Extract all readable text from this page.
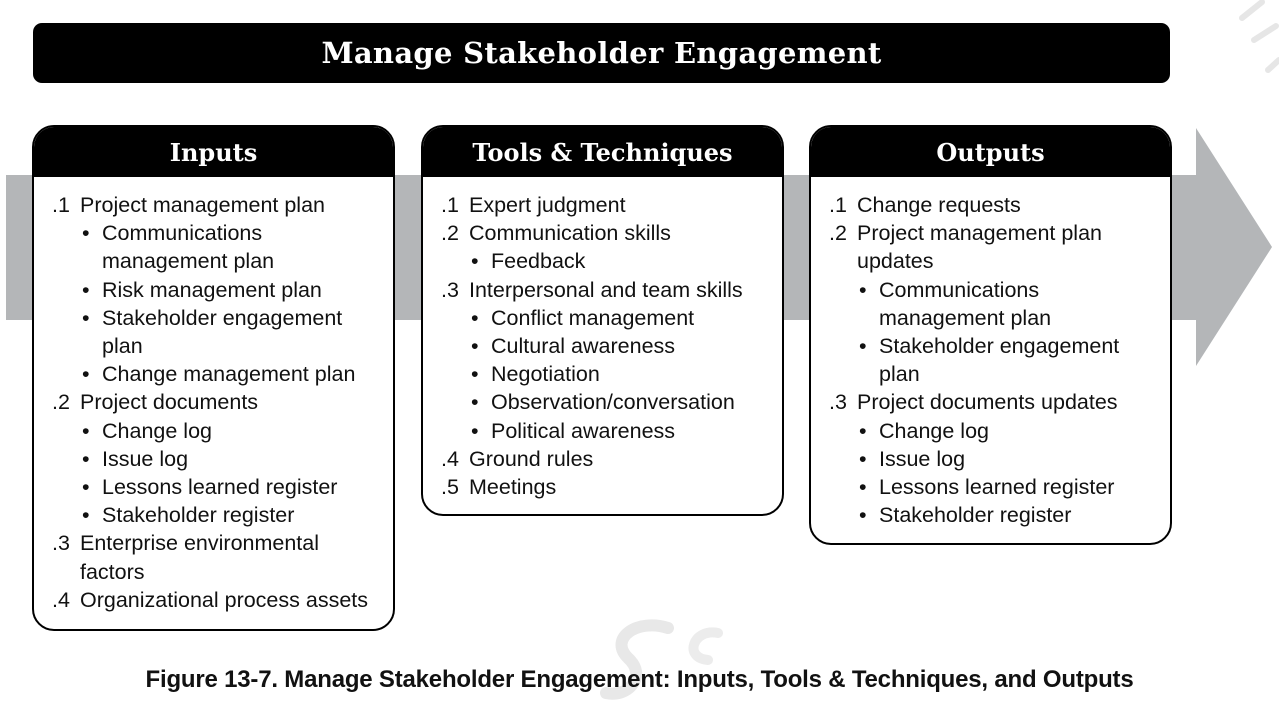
Manage Stakeholder Engagement
Inputs
.1 Project management plan
• Communications management plan
• Risk management plan
• Stakeholder engagement plan
• Change management plan
.2 Project documents
• Change log
• Issue log
• Lessons learned register
• Stakeholder register
.3 Enterprise environmental factors
.4 Organizational process assets
Tools & Techniques
.1 Expert judgment
.2 Communication skills
• Feedback
.3 Interpersonal and team skills
• Conflict management
• Cultural awareness
• Negotiation
• Observation/conversation
• Political awareness
.4 Ground rules
.5 Meetings
Outputs
.1 Change requests
.2 Project management plan updates
• Communications management plan
• Stakeholder engagement plan
.3 Project documents updates
• Change log
• Issue log
• Lessons learned register
• Stakeholder register
Figure 13-7. Manage Stakeholder Engagement: Inputs, Tools & Techniques, and Outputs
